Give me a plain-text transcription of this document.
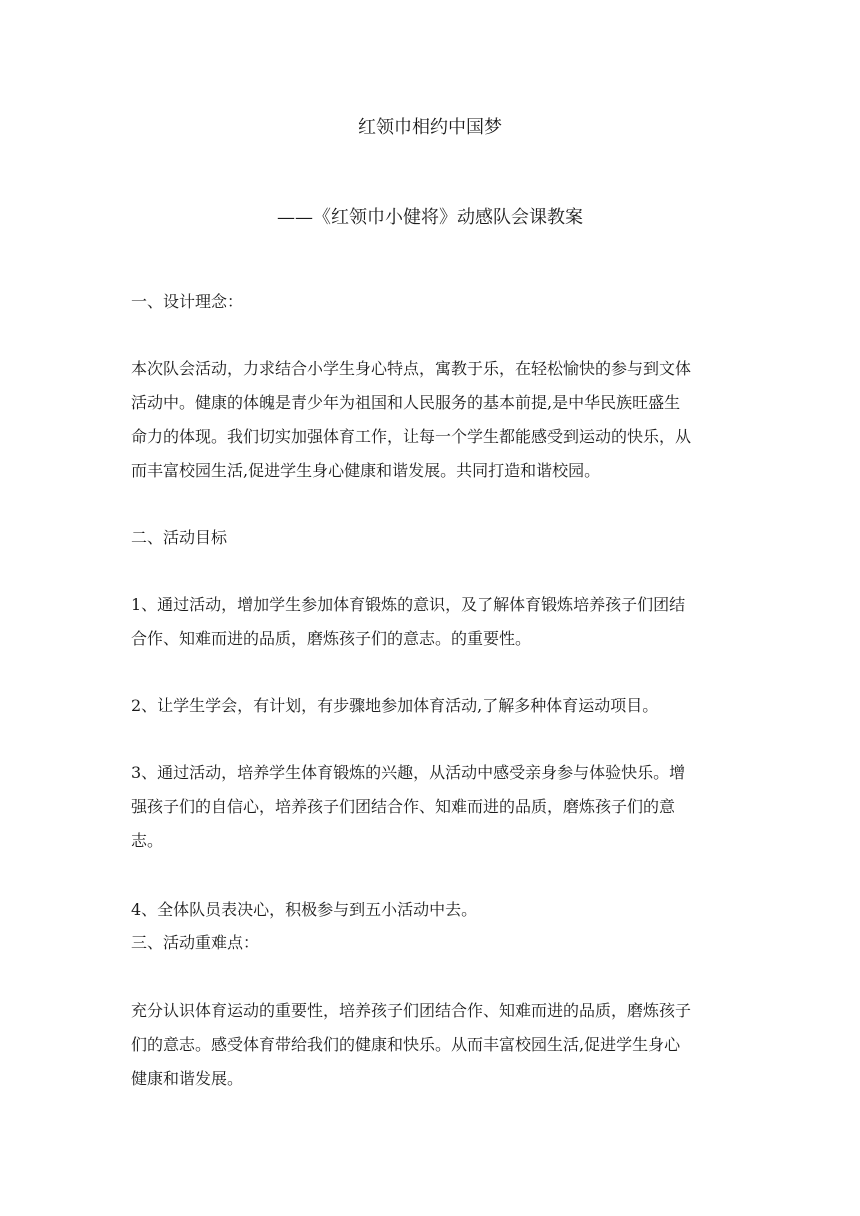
红领巾相约中国梦
——《红领巾小健将》动感队会课教案

一、设计理念：

本次队会活动，力求结合小学生身心特点，寓教于乐，在轻松愉快的参与到文体

活动中。健康的体魄是青少年为祖国和人民服务的基本前提,是中华民族旺盛生

命力的体现。我们切实加强体育工作，让每一个学生都能感受到运动的快乐，从

而丰富校园生活,促进学生身心健康和谐发展。共同打造和谐校园。

二、活动目标

1、通过活动，增加学生参加体育锻炼的意识，及了解体育锻炼培养孩子们团结

合作、知难而进的品质，磨炼孩子们的意志。的重要性。

2、让学生学会，有计划，有步骤地参加体育活动,了解多种体育运动项目。

3、通过活动，培养学生体育锻炼的兴趣，从活动中感受亲身参与体验快乐。增

强孩子们的自信心，培养孩子们团结合作、知难而进的品质，磨炼孩子们的意

志。

4、全体队员表决心，积极参与到五小活动中去。

三、活动重难点：

充分认识体育运动的重要性，培养孩子们团结合作、知难而进的品质，磨炼孩子

们的意志。感受体育带给我们的健康和快乐。从而丰富校园生活,促进学生身心

健康和谐发展。
